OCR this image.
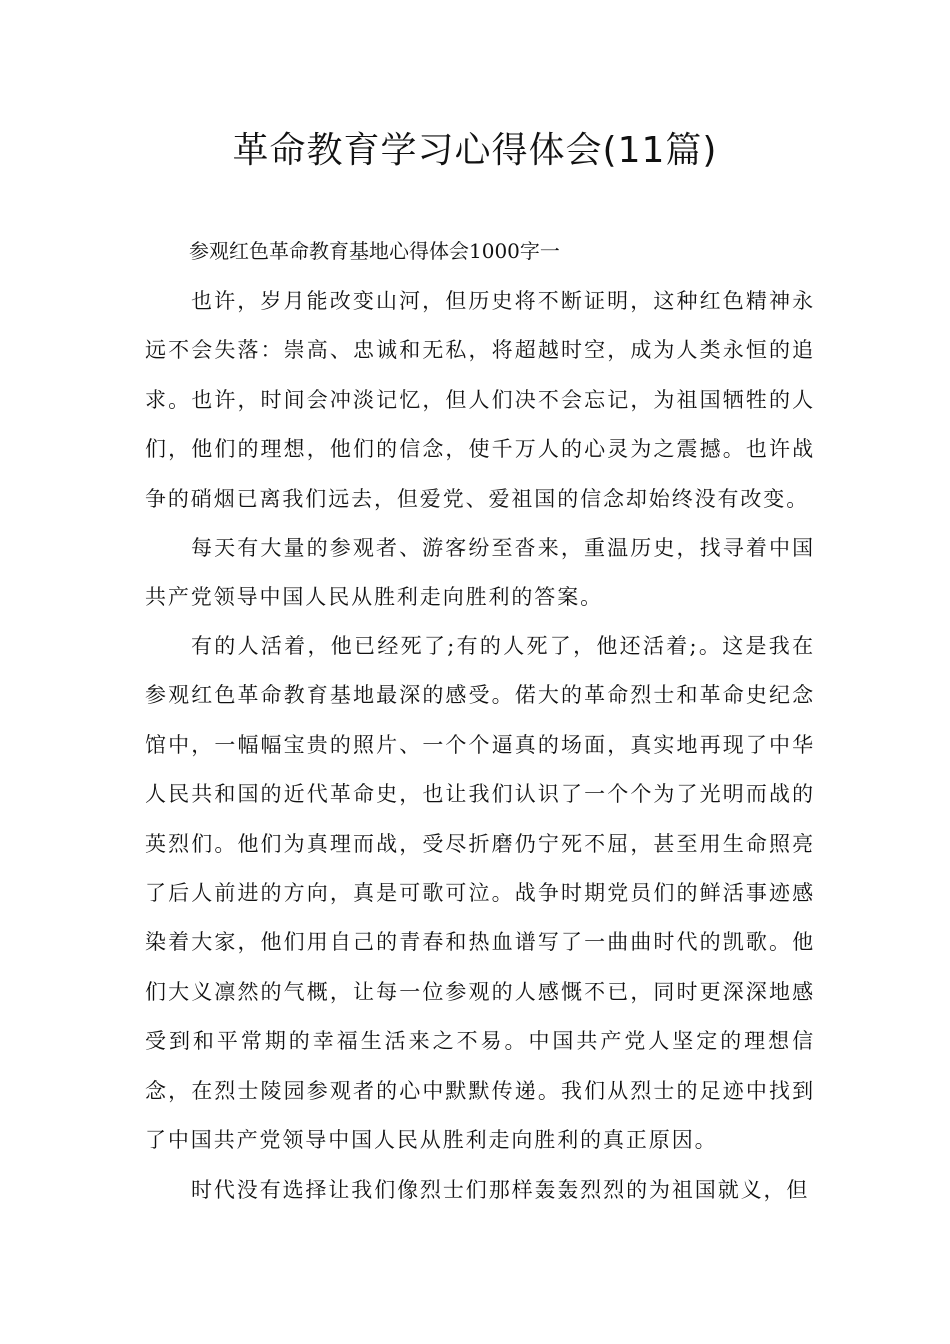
革命教育学习心得体会(11篇)
参观红色革命教育基地心得体会1000字一

也许，岁月能改变山河，但历史将不断证明，这种红色精神永远不会失落：崇高、忠诚和无私，将超越时空，成为人类永恒的追求。也许，时间会冲淡记忆，但人们决不会忘记，为祖国牺牲的人们，他们的理想，他们的信念，使千万人的心灵为之震撼。也许战争的硝烟已离我们远去，但爱党、爱祖国的信念却始终没有改变。

每天有大量的参观者、游客纷至沓来，重温历史，找寻着中国共产党领导中国人民从胜利走向胜利的答案。

有的人活着，他已经死了;有的人死了，他还活着;。这是我在参观红色革命教育基地最深的感受。偌大的革命烈士和革命史纪念馆中，一幅幅宝贵的照片、一个个逼真的场面，真实地再现了中华人民共和国的近代革命史，也让我们认识了一个个为了光明而战的英烈们。他们为真理而战，受尽折磨仍宁死不屈，甚至用生命照亮了后人前进的方向，真是可歌可泣。战争时期党员们的鲜活事迹感染着大家，他们用自己的青春和热血谱写了一曲曲时代的凯歌。他们大义凛然的气概，让每一位参观的人感慨不已，同时更深深地感受到和平常期的幸福生活来之不易。中国共产党人坚定的理想信念，在烈士陵园参观者的心中默默传递。我们从烈士的足迹中找到了中国共产党领导中国人民从胜利走向胜利的真正原因。

时代没有选择让我们像烈士们那样轰轰烈烈的为祖国就义，但
